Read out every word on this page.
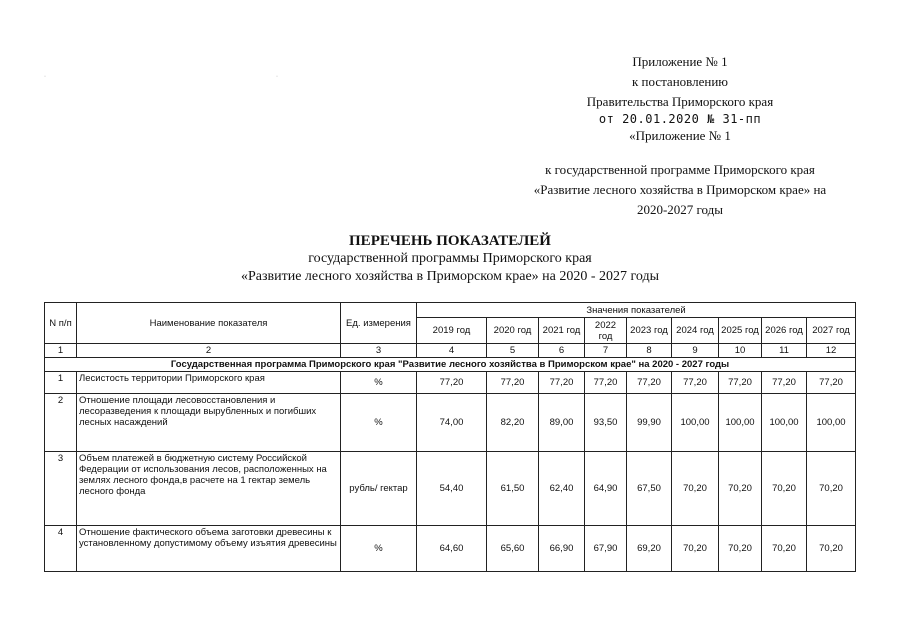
·	·
Приложение № 1
к постановлению
Правительства Приморского края
от 20.01.2020 № 31-пп
«Приложение № 1
к государственной программе Приморского края
«Развитие лесного хозяйства в Приморском крае» на
2020-2027 годы
ПЕРЕЧЕНЬ ПОКАЗАТЕЛЕЙ
государственной программы Приморского края
«Развитие лесного хозяйства в Приморском крае» на 2020 - 2027 годы
N п/п	Наименование показателя	Ед. измерения	Значения показателей								
			2019 год	2020 год	2021 год	2022 год	2023 год	2024 год	2025 год	2026 год	2027 год
1	2	3	4	5	6	7	8	9	10	11	12
Государственная программа Приморского края "Развитие лесного хозяйства в Приморском крае" на 2020 - 2027 годы											
1	Лесистость территории Приморского края	%	77,20	77,20	77,20	77,20	77,20	77,20	77,20	77,20	77,20
2	Отношение площади лесовосстановления и лесоразведения к площади вырубленных и погибших лесных насаждений	%	74,00	82,20	89,00	93,50	99,90	100,00	100,00	100,00	100,00
3	Объем платежей в бюджетную систему Российской Федерации от использования лесов, расположенных на землях лесного фонда,в расчете на 1 гектар земель лесного фонда	рубль/ гектар	54,40	61,50	62,40	64,90	67,50	70,20	70,20	70,20	70,20
4	Отношение фактического объема заготовки древесины к установленному допустимому объему изъятия древесины	%	64,60	65,60	66,90	67,90	69,20	70,20	70,20	70,20	70,20
